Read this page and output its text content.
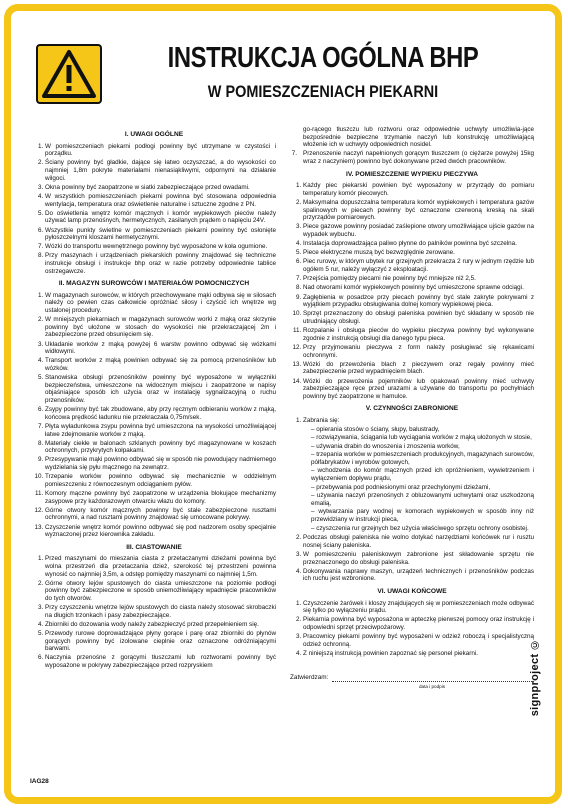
INSTRUKCJA OGÓLNA BHP
W POMIESZCZENIACH PIEKARNI
I. UWAGI OGÓLNE
1. W pomieszczeniach piekarni podłogi powinny być utrzymane w czystości i porządku.
2. Ściany powinny być gładkie, dające się łatwo oczyszczać, a do wysokości co najmniej 1,8m pokryte materiałami nienasiąkliwymi, odpornymi na działanie wilgoci.
3. Okna powinny być zaopatrzone w siatki zabezpieczające przed owadami.
4. W wszystkich pomieszczeniach piekarni powinna być stosowana odpowiednia wentylacja, temperatura oraz oświetlenie naturalne i sztuczne zgodne z PN.
5. Do oświetlenia wnętrz komór mącznych i komór wypiekowych pieców należy używać lamp przenośnych, hermetycznych, zasilanych prądem o napięciu 24V.
6. Wszystkie punkty świetlne w pomieszczeniach piekarni powinny być osłonięte pyłoszczelnymi kloszami hermetycznymi.
7. Wózki do transportu wewnętrznego powinny być wyposażone w koła ogumione.
8. Przy maszynach i urządzeniach piekarskich powinny znajdować się techniczne instrukcje obsługi i instrukcje bhp oraz w razie potrzeby odpowiednie tablice ostrzegawcze.
II. MAGAZYN SUROWCÓW I MATERIAŁÓW POMOCNICZYCH
1. W magazynach surowców, w których przechowywane mąki odbywa się w silosach należy co pewien czas całkowicie opróżniać silosy i czyścić ich wnętrze wg ustalonej procedury.
2. W mniejszych piekarniach w magazynach surowców worki z mąką oraz skrzynie powinny być ułożone w stosach do wysokości nie przekraczającej 2m i zabezpieczone przed obsunięciem się.
3. Układanie worków z mąką powyżej 6 warstw powinno odbywać się wózkami widłowymi.
4. Transport worków z mąką powinien odbywać się za pomocą przenośników lub wózków.
5. Stanowiska obsługi przenośników powinny być wyposażone w wyłączniki bezpieczeństwa, umieszczone na widocznym miejscu i zaopatrzone w napisy objaśniające sposób ich użycia oraz w instalację sygnalizacyjną o ruchu przenośników.
6. Zsypy powinny być tak zbudowane, aby przy ręcznym odbieraniu worków z mąką, końcowa prędkość ładunku nie przekraczała 0,75m/sek.
7. Płyta wyładunkowa zsypu powinna być umieszczona na wysokości umożliwiającej łatwe zdejmowanie worków z mąką.
8. Materiały ciekłe w balonach szklanych powinny być magazynowane w koszach ochronnych, przykrytych kołpakami.
9. Przesypywanie mąki powinno odbywać się w sposób nie powodujący nadmiernego wydzielania się pyłu mącznego na zewnątrz.
10. Trzepanie worków powinno odbywać się mechanicznie w oddzielnym pomieszczeniu z równoczesnym odciąganiem pyłów.
11. Komory mączne powinny być zaopatrzone w urządzenia blokujące mechanizmy zasypowe przy każdorazowym otwarciu włazu do komory.
12. Górne otwory komór mącznych powinny być stale zabezpieczone rusztami ochronnymi, a nad rusztami powinny znajdować się umocowane pokrywy.
13. Czyszczenie wnętrz komór powinno odbywać się pod nadzorem osoby specjalnie wyznaczonej przez kierownika zakładu.
III. CIASTOWANIE
1. Przed maszynami do mieszania ciasta z przetaczanymi dzieżami powinna być wolna przestrzeń dla przetaczania dzież, szerokość tej przestrzeni powinna wynosić co najmniej 3,5m, a odstęp pomiędzy maszynami co najmniej 1,5m.
2. Górne otwory lejów spustowych do ciasta umieszczone na poziomie podłogi powinny być zabezpieczone w sposób uniemożliwiający wpadnięcie pracowników do tych otworów.
3. Przy czyszczeniu wnętrze lejów spustowych do ciasta należy stosować skrobaczki na długich trzonkach i pasy zabezpieczające.
4. Zbiorniki do dozowania wody należy zabezpieczyć przed przepełnieniem się.
5. Przewody rurowe doprowadzające płyny gorące i parę oraz zbiorniki do płynów gorących powinny być izolowane cieplnie oraz oznaczone odróżniającymi barwami.
6. Naczynia przenośne z gorącymi tłuszczami lub roztworami powinny być wyposażone w pokrywy zabezpieczające przed rozpryskiem
go-rącego tłuszczu lub roztworu oraz odpowiednie uchwyty umożliwia-jące bezpośrednie bezpieczne trzymanie naczyń lub konstrukcję umożliwiającą włożenie ich w uchwyty odpowiednich nosidel.
7. Przenoszenie naczyń napełnionych gorącym tłuszczem (o ciężarze powyżej 15kg wraz z naczyniem) powinno być dokonywane przed dwóch pracowników.
IV. POMIESZCZENIE WYPIEKU PIECZYWA
1. Każdy piec piekarski powinien być wyposażony w przyrządy do pomiaru temperatury komór piecowych.
2. Maksymalna dopuszczalna temperatura komór wypiekowych i temperatura gazów spalinowych w piecach powinny być oznaczone czerwoną kreską na skali przyrządów pomiarowych.
3. Piece gazowe powinny posiadać zaślepione otwory umożliwiające ujście gazów na wypadek wybuchu.
4. Instalacja doprowadzająca paliwo płynne do palników powinna być szczelna.
5. Piece elektryczne muszą być bezwzględnie zerowane.
6. Piec rurowy, w którym ubytek rur grzejnych przekracza 2 rury w jednym rzędzie lub ogółem 5 rur, należy wyłączyć z eksploatacji.
7. Przejścia pomiędzy piecami nie powinny być mniejsze niż 2,5.
8. Nad otworami komór wypiekowych powinny być umieszczone sprawne odciągi.
9. Zagłębienia w posadzce przy piecach powinny być stale zakryte pokrywami z wyjątkiem przypadku obsługiwania dolnej komory wypiekowej pieca.
10. Sprzęt przeznaczony do obsługi paleniska powinien być składany w sposób nie utrudniający obsługi.
11. Rozpalanie i obsługa pieców do wypieku pieczywa powinny być wykonywane zgodnie z instrukcją obsługi dla danego typu pieca.
12. Przy przyjmowaniu pieczywa z form należy posługiwać się rękawicami ochronnymi.
13. Wózki do przewożenia blach z pieczywem oraz regały powinny mieć zabezpieczenie przed wypadnięciem blach.
14. Wózki do przewożenia pojemników lub opakowań powinny mieć uchwyty zabezpieczające ręce przed urazami a używane do transportu po pochyłniach powinny być zaopatrzone w hamulce.
V. CZYNNOŚCI ZABRONIONE
1. Zabrania się:
– opierania stosów o ściany, słupy, balustrady,
– rozwiązywania, ściągania lub wyciągania worków z mąką ułożonych w stosie,
– używania drabin do wnoszenia i znoszenia worków,
– trzepania worków w pomieszczeniach produkcyjnych, magazynach surowców, półfabrykatów i wyrobów gotowych,
– wchodzenia do komór mącznych przed ich opróżnieniem, wywietrzeniem i wyłączeniem dopływu prądu,
– przebywania pod podniesionymi oraz przechylonymi dzieżami,
– używania naczyń przenośnych z obluzowanymi uchwytami oraz uszkodzoną emalią,
– wytwarzania pary wodnej w komorach wypiekowych w sposób inny niż przewidziany w instrukcji pieca,
– czyszczenia rur grzejnych bez użycia właściwego sprzętu ochrony osobistej.
2. Podczas obsługi paleniska nie wolno dotykać narzędziami końcówek rur i rusztu nosnej ściany paleniska.
3. W pomieszczeniu paleniskowym zabronione jest składowanie sprzętu nie przeznaczonego do obsługi paleniska.
4. Dokonywania naprawy maszyn, urządzeń technicznych i przenośników podczas ich ruchu jest wzbronione.
VI. UWAGI KOŃCOWE
1. Czyszczenie żarówek i kloszy znajdujących się w pomieszczeniach może odbywać się tylko po wyłączeniu prądu.
2. Piekarnia powinna być wyposażona w apteczkę pierwszej pomocy oraz instrukcję i odpowiedni sprzęt przeciwpożarowy.
3. Pracownicy piekarni powinny być wyposażeni w odzież roboczą i specjalistyczną odzież ochronną.
4. Z niniejszą instrukcją powinien zapoznać się personel piekarni.
Zatwierdzam:
data i podpis
IAG28
signproject ©
